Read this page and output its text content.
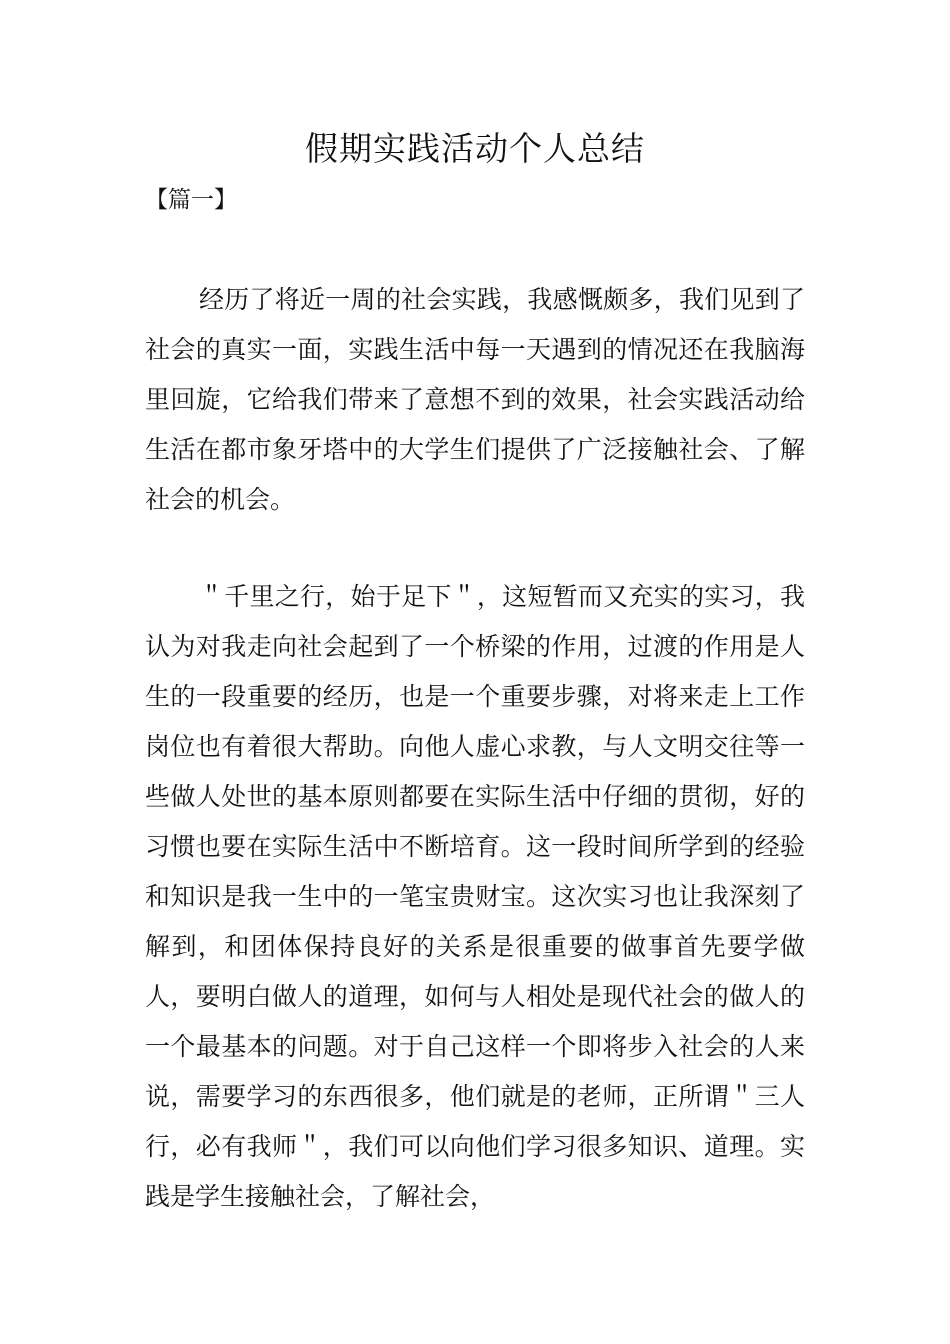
假期实践活动个人总结
【篇一】

经历了将近一周的社会实践，我感慨颇多，我们见到了社会的真实一面，实践生活中每一天遇到的情况还在我脑海里回旋，它给我们带来了意想不到的效果，社会实践活动给生活在都市象牙塔中的大学生们提供了广泛接触社会、了解社会的机会。

＂千里之行，始于足下＂，这短暂而又充实的实习，我认为对我走向社会起到了一个桥梁的作用，过渡的作用是人生的一段重要的经历，也是一个重要步骤，对将来走上工作岗位也有着很大帮助。向他人虚心求教，与人文明交往等一些做人处世的基本原则都要在实际生活中仔细的贯彻，好的习惯也要在实际生活中不断培育。这一段时间所学到的经验和知识是我一生中的一笔宝贵财宝。这次实习也让我深刻了解到，和团体保持良好的关系是很重要的做事首先要学做人，要明白做人的道理，如何与人相处是现代社会的做人的一个最基本的问题。对于自己这样一个即将步入社会的人来说，需要学习的东西很多，他们就是的老师，正所谓＂三人行，必有我师＂，我们可以向他们学习很多知识、道理。实践是学生接触社会，了解社会，
